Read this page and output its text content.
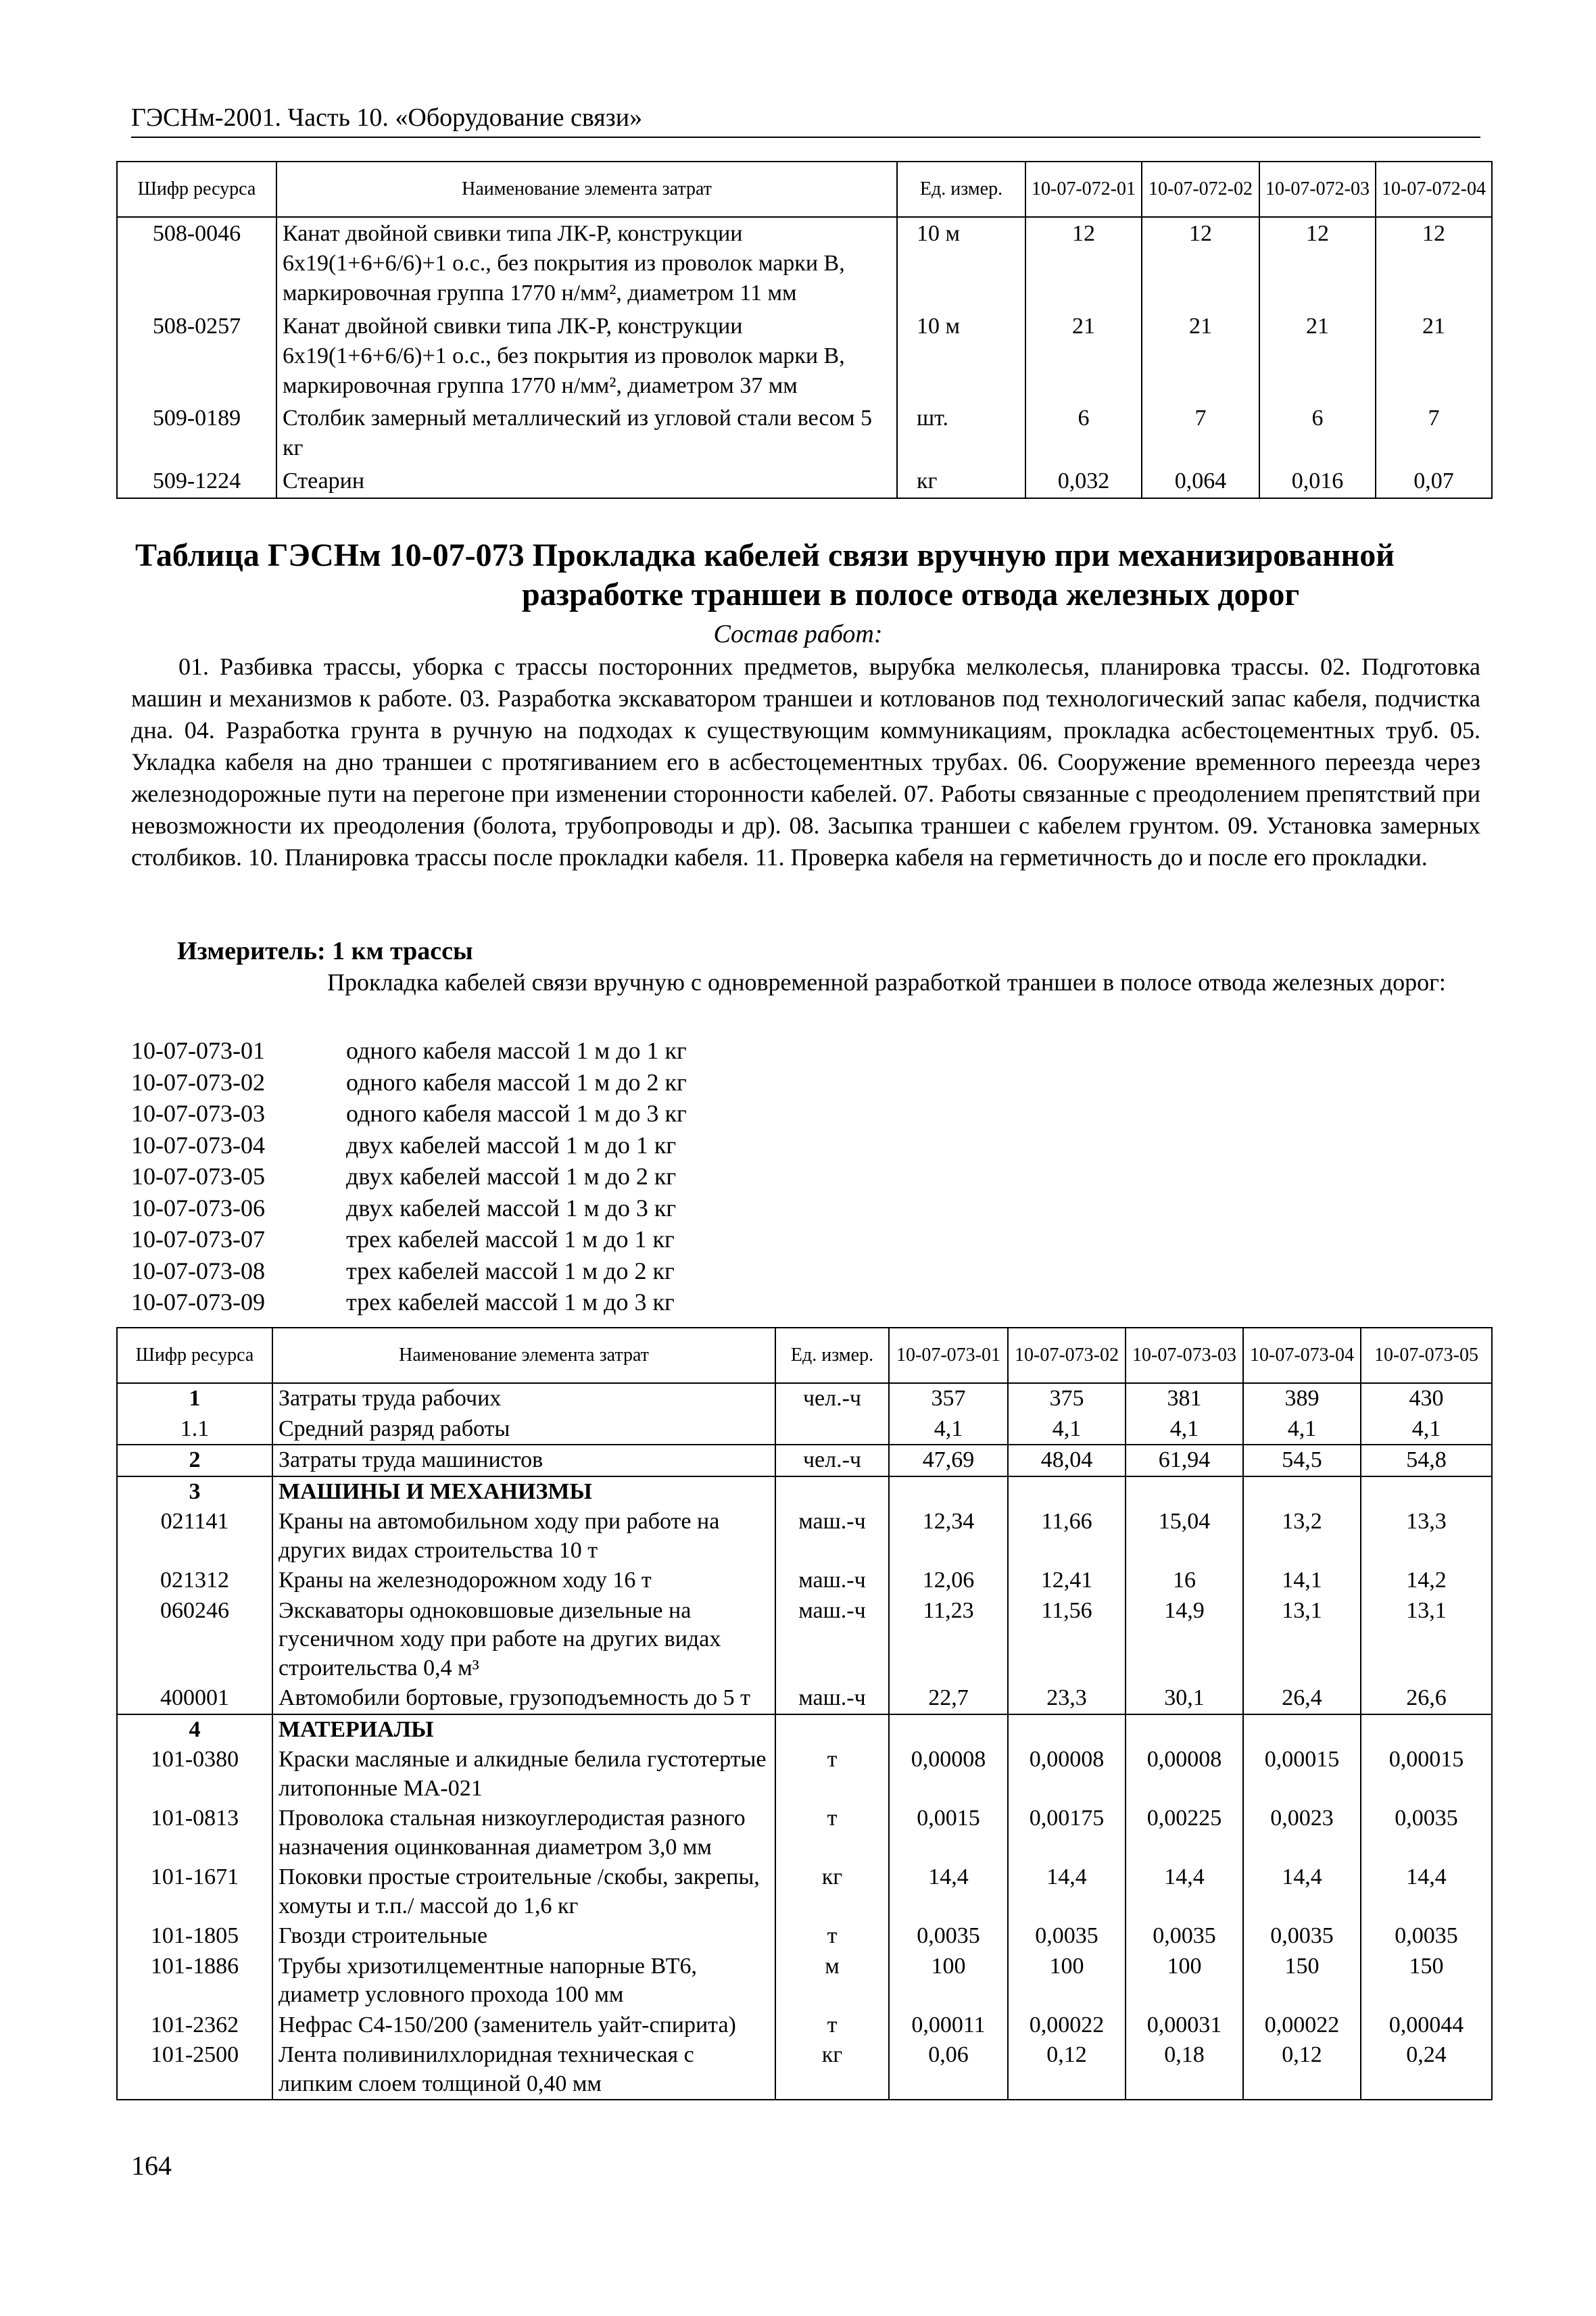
ГЭСНм-2001. Часть 10. «Оборудование связи»
Шифр ресурса	Наименование элемента затрат	Ед. измер.	10-07-072-01	10-07-072-02	10-07-072-03	10-07-072-04
508-0046	Канат двойной свивки типа ЛК-Р, конструкции 6х19(1+6+6/6)+1 о.с., без покрытия из проволок марки В, маркировочная группа 1770 н/мм², диаметром 11 мм	10 м	12	12	12	12
508-0257	Канат двойной свивки типа ЛК-Р, конструкции 6х19(1+6+6/6)+1 о.с., без покрытия из проволок марки В, маркировочная группа 1770 н/мм², диаметром 37 мм	10 м	21	21	21	21
509-0189	Столбик замерный металлический из угловой стали весом 5 кг	шт.	6	7	6	7
509-1224	Стеарин	кг	0,032	0,064	0,016	0,07
Таблица ГЭСНм 10-07-073 Прокладка кабелей связи вручную при механизированной
разработке траншеи в полосе отвода железных дорог
Состав работ:

01. Разбивка трассы, уборка с трассы посторонних предметов, вырубка мелколесья, планировка трассы. 02. Подготовка машин и механизмов к работе. 03. Разработка экскаватором траншеи и котлованов под технологический запас кабеля, подчистка дна. 04. Разработка грунта в ручную на подходах к существующим коммуникациям, прокладка асбестоцементных труб. 05. Укладка кабеля на дно траншеи с протягиванием его в асбестоцементных трубах. 06. Сооружение временного переезда через железнодорожные пути на перегоне при изменении сторонности кабелей. 07. Работы связанные с преодолением препятствий при невозможности их преодоления (болота, трубопроводы и др). 08. Засыпка траншеи с кабелем грунтом. 09. Установка замерных столбиков. 10. Планировка трассы после прокладки кабеля. 11. Проверка кабеля на герметичность до и после его прокладки.

Измеритель: 1 км трассы
Прокладка кабелей связи вручную с одновременной разработкой траншеи в полосе отвода железных дорог:
10-07-073-01	одного кабеля массой 1 м до 1 кг
10-07-073-02	одного кабеля массой 1 м до 2 кг
10-07-073-03	одного кабеля массой 1 м до 3 кг
10-07-073-04	двух кабелей массой 1 м до 1 кг
10-07-073-05	двух кабелей массой 1 м до 2 кг
10-07-073-06	двух кабелей массой 1 м до 3 кг
10-07-073-07	трех кабелей массой 1 м до 1 кг
10-07-073-08	трех кабелей массой 1 м до 2 кг
10-07-073-09	трех кабелей массой 1 м до 3 кг
Шифр ресурса	Наименование элемента затрат	Ед. измер.	10-07-073-01	10-07-073-02	10-07-073-03	10-07-073-04	10-07-073-05
1	Затраты труда рабочих	чел.-ч	357	375	381	389	430
1.1	Средний разряд работы		4,1	4,1	4,1	4,1	4,1
2	Затраты труда машинистов	чел.-ч	47,69	48,04	61,94	54,5	54,8
3	МАШИНЫ И МЕХАНИЗМЫ						
021141	Краны на автомобильном ходу при работе на других видах строительства 10 т	маш.-ч	12,34	11,66	15,04	13,2	13,3
021312	Краны на железнодорожном ходу 16 т	маш.-ч	12,06	12,41	16	14,1	14,2
060246	Экскаваторы одноковшовые дизельные на гусеничном ходу при работе на других видах строительства 0,4 м³	маш.-ч	11,23	11,56	14,9	13,1	13,1
400001	Автомобили бортовые, грузоподъемность до 5 т	маш.-ч	22,7	23,3	30,1	26,4	26,6
4	МАТЕРИАЛЫ						
101-0380	Краски масляные и алкидные белила густотертые литопонные МА-021	т	0,00008	0,00008	0,00008	0,00015	0,00015
101-0813	Проволока стальная низкоуглеродистая разного назначения оцинкованная диаметром 3,0 мм	т	0,0015	0,00175	0,00225	0,0023	0,0035
101-1671	Поковки простые строительные /скобы, закрепы, хомуты и т.п./ массой до 1,6 кг	кг	14,4	14,4	14,4	14,4	14,4
101-1805	Гвозди строительные	т	0,0035	0,0035	0,0035	0,0035	0,0035
101-1886	Трубы хризотилцементные напорные ВТ6, диаметр условного прохода 100 мм	м	100	100	100	150	150
101-2362	Нефрас С4-150/200 (заменитель уайт-спирита)	т	0,00011	0,00022	0,00031	0,00022	0,00044
101-2500	Лента поливинилхлоридная техническая с липким слоем толщиной 0,40 мм	кг	0,06	0,12	0,18	0,12	0,24
164
